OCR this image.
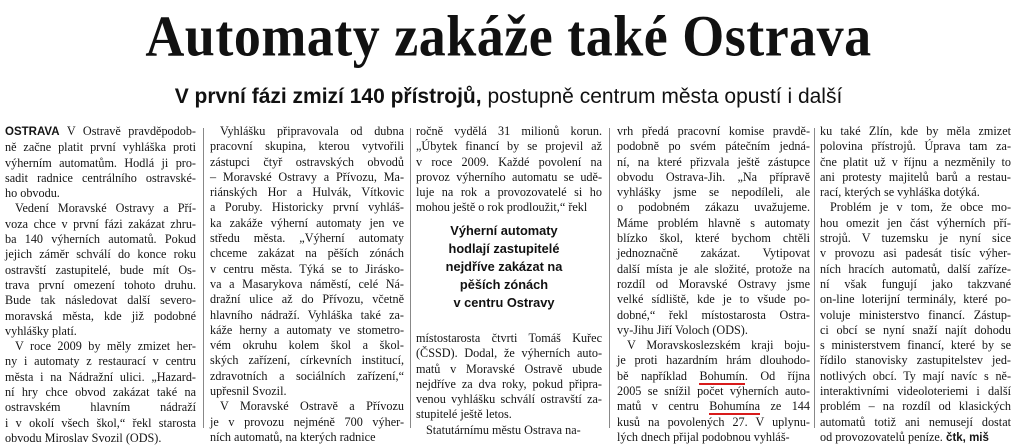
Automaty zakáže také Ostrava
V první fázi zmizí 140 přístrojů, postupně centrum města opustí i další
OSTRAVA V Ostravě pravděpodob-
ně začne platit první vyhláška proti
výherním automatům. Hodlá ji pro-
sadit radnice centrálního ostravské-
ho obvodu.
Vedení Moravské Ostravy a Pří-
voza chce v první fázi zakázat zhru-
ba 140 výherních automatů. Pokud
jejich záměr schválí do konce roku
ostravští zastupitelé, bude mít Os-
trava první omezení tohoto druhu.
Bude tak následovat další severo-
moravská města, kde již podobné
vyhlášky platí.
V roce 2009 by měly zmizet her-
ny i automaty z restaurací v centru
města i na Nádražní ulici. „Hazard-
ní hry chce obvod zakázat také na
ostravském hlavním nádraží
i v okolí všech škol,“ řekl starosta
obvodu Miroslav Svozil (ODS).
Vyhlášku připravovala od dubna
pracovní skupina, kterou vytvořili
zástupci čtyř ostravských obvodů
– Moravské Ostravy a Přívozu, Ma-
riánských Hor a Hulvák, Vítkovic
a Poruby. Historicky první vyhláš-
ka zakáže výherní automaty jen ve
středu města. „Výherní automaty
chceme zakázat na pěších zónách
v centru města. Týká se to Jirásko-
va a Masarykova náměstí, celé Ná-
dražní ulice až do Přívozu, včetně
hlavního nádraží. Vyhláška také za-
káže herny a automaty ve stometro-
vém okruhu kolem škol a škol-
ských zařízení, církevních institucí,
zdravotních a sociálních zařízení,“
upřesnil Svozil.
V Moravské Ostravě a Přívozu
je v provozu nejméně 700 výher-
ních automatů, na kterých radnice
ročně vydělá 31 milionů korun.
„Úbytek financí by se projevil až
v roce 2009. Každé povolení na
provoz výherního automatu se udě-
luje na rok a provozovatelé si ho
mohou ještě o rok prodloužit,“ řekl
Výherní automaty
hodlají zastupitelé
nejdříve zakázat na
pěších zónách
v centru Ostravy
místostarosta čtvrti Tomáš Kuřec
(ČSSD). Dodal, že výherních auto-
matů v Moravské Ostravě ubude
nejdříve za dva roky, pokud připra-
venou vyhlášku schválí ostravští za-
stupitelé ještě letos.
Statutárnímu městu Ostrava na-
vrh předá pracovní komise pravdě-
podobně po svém pátečním jedná-
ní, na které přizvala ještě zástupce
obvodu Ostrava-Jih. „Na přípravě
vyhlášky jsme se nepodíleli, ale
o podobném zákazu uvažujeme.
Máme problém hlavně s automaty
blízko škol, které bychom chtěli
jednoznačně zakázat. Vytipovat
další místa je ale složité, protože na
rozdíl od Moravské Ostravy jsme
velké sídliště, kde je to všude po-
dobné,“ řekl místostarosta Ostra-
vy-Jihu Jiří Voloch (ODS).
V Moravskoslezském kraji boju-
je proti hazardním hrám dlouhodo-
bě například Bohumín. Od října
2005 se snížil počet výherních auto-
matů v centru Bohumína ze 144
kusů na povolených 27. V uplynu-
lých dnech přijal podobnou vyhláš-
ku také Zlín, kde by měla zmizet
polovina přístrojů. Úprava tam za-
čne platit už v říjnu a nezměnily to
ani protesty majitelů barů a restau-
rací, kterých se vyhláška dotýká.
Problém je v tom, že obce mo-
hou omezit jen část výherních pří-
strojů. V tuzemsku je nyní sice
v provozu asi padesát tisíc výher-
ních hracích automatů, další zaříze-
ní však fungují jako takzvané
on-line loterijní terminály, které po-
voluje ministerstvo financí. Zástup-
ci obcí se nyní snaží najít dohodu
s ministerstvem financí, které by se
řídilo stanovisky zastupitelstev jed-
notlivých obcí. Ty mají navíc s ně-
interaktivními videoloteriemi i další
problém – na rozdíl od klasických
automatů totiž ani nemusejí dostat
od provozovatelů peníze. čtk, miš
